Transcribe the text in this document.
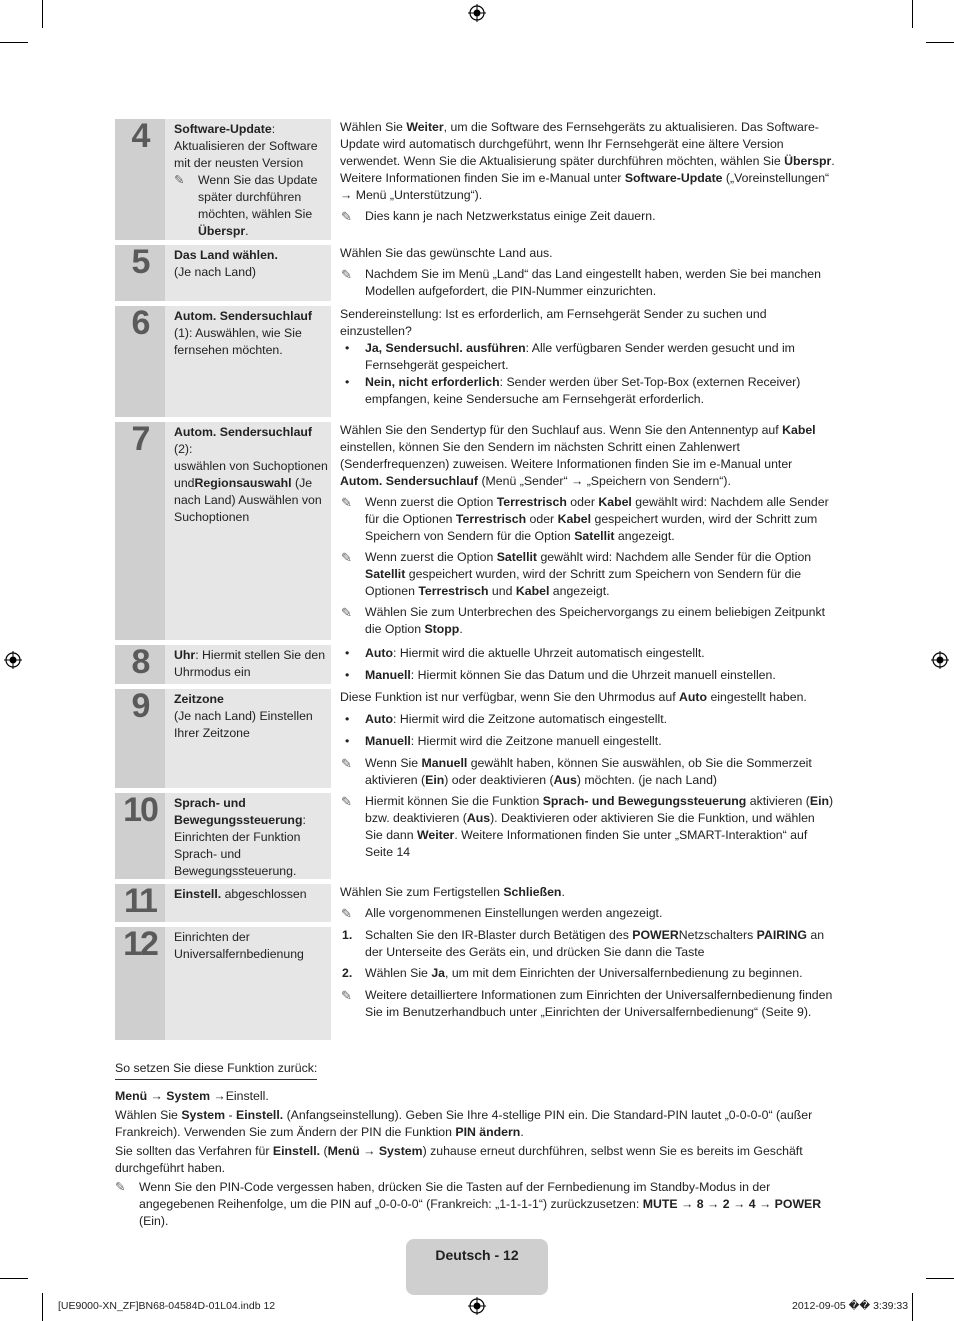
4	Software-Update:
Aktualisieren der Software mit der neusten Version
✎ Wenn Sie das Update später durchführen möchten, wählen Sie Überspr.

Wählen Sie Weiter, um die Software des Fernsehgeräts zu aktualisieren. Das Software-Update wird automatisch durchgeführt, wenn Ihr Fernsehgerät eine ältere Version verwendet. Wenn Sie die Aktualisierung später durchführen möchten, wählen Sie Überspr. Weitere Informationen finden Sie im e-Manual unter Software-Update („Voreinstellungen“ → Menü „Unterstützung“).

✎ Dies kann je nach Netzwerkstatus einige Zeit dauern.

5	Das Land wählen.
(Je nach Land)

Wählen Sie das gewünschte Land aus.

✎ Nachdem Sie im Menü „Land“ das Land eingestellt haben, werden Sie bei manchen Modellen aufgefordert, die PIN-Nummer einzurichten.

6	Autom. Sendersuchlauf
(1): Auswählen, wie Sie fernsehen möchten.

Sendereinstellung: Ist es erforderlich, am Fernsehgerät Sender zu suchen und einzustellen?

• Ja, Sendersuchl. ausführen: Alle verfügbaren Sender werden gesucht und im Fernsehgerät gespeichert.

• Nein, nicht erforderlich: Sender werden über Set-Top-Box (externen Receiver) empfangen, keine Sendersuche am Fernsehgerät erforderlich.

7	Autom. Sendersuchlauf
(2):
uswählen von Suchoptionen undRegionsauswahl (Je nach Land) Auswählen von Suchoptionen

Wählen Sie den Sendertyp für den Suchlauf aus. Wenn Sie den Antennentyp auf Kabel einstellen, können Sie den Sendern im nächsten Schritt einen Zahlenwert (Senderfrequenzen) zuweisen. Weitere Informationen finden Sie im e-Manual unter Autom. Sendersuchlauf (Menü „Sender“ → „Speichern von Sendern“).

✎ Wenn zuerst die Option Terrestrisch oder Kabel gewählt wird: Nachdem alle Sender für die Optionen Terrestrisch oder Kabel gespeichert wurden, wird der Schritt zum Speichern von Sendern für die Option Satellit angezeigt.

✎ Wenn zuerst die Option Satellit gewählt wird: Nachdem alle Sender für die Option Satellit gespeichert wurden, wird der Schritt zum Speichern von Sendern für die Optionen Terrestrisch und Kabel angezeigt.

✎ Wählen Sie zum Unterbrechen des Speichervorgangs zu einem beliebigen Zeitpunkt die Option Stopp.

8	Uhr: Hiermit stellen Sie den Uhrmodus ein

• Auto: Hiermit wird die aktuelle Uhrzeit automatisch eingestellt.

• Manuell: Hiermit können Sie das Datum und die Uhrzeit manuell einstellen.

9	Zeitzone
(Je nach Land) Einstellen Ihrer Zeitzone

Diese Funktion ist nur verfügbar, wenn Sie den Uhrmodus auf Auto eingestellt haben.

• Auto: Hiermit wird die Zeitzone automatisch eingestellt.

• Manuell: Hiermit wird die Zeitzone manuell eingestellt.

✎ Wenn Sie Manuell gewählt haben, können Sie auswählen, ob Sie die Sommerzeit aktivieren (Ein) oder deaktivieren (Aus) möchten. (je nach Land)

10	Sprach- und Bewegungssteuerung:
Einrichten der Funktion Sprach- und Bewegungssteuerung.

✎ Hiermit können Sie die Funktion Sprach- und Bewegungssteuerung aktivieren (Ein) bzw. deaktivieren (Aus). Deaktivieren oder aktivieren Sie die Funktion, und wählen Sie dann Weiter. Weitere Informationen finden Sie unter „SMART-Interaktion“ auf Seite 14

11	Einstell. abgeschlossen	Wählen Sie zum Fertigstellen Schließen.

✎ Alle vorgenommenen Einstellungen werden angezeigt.

12	Einrichten der Universalfernbedienung

1. Schalten Sie den IR-Blaster durch Betätigen des POWERNetzschalters PAIRING an der Unterseite des Geräts ein, und drücken Sie dann die Taste

2. Wählen Sie Ja, um mit dem Einrichten der Universalfernbedienung zu beginnen.

✎ Weitere detailliertere Informationen zum Einrichten der Universalfernbedienung finden Sie im Benutzerhandbuch unter „Einrichten der Universalfernbedienung“ (Seite 9).

So setzen Sie diese Funktion zurück:

Menü → System →Einstell.

Wählen Sie System - Einstell. (Anfangseinstellung). Geben Sie Ihre 4-stellige PIN ein. Die Standard-PIN lautet „0-0-0-0“ (außer Frankreich). Verwenden Sie zum Ändern der PIN die Funktion PIN ändern.

Sie sollten das Verfahren für Einstell. (Menü → System) zuhause erneut durchführen, selbst wenn Sie es bereits im Geschäft durchgeführt haben.

✎ Wenn Sie den PIN-Code vergessen haben, drücken Sie die Tasten auf der Fernbedienung im Standby-Modus in der angegebenen Reihenfolge, um die PIN auf „0-0-0-0“ (Frankreich: „1-1-1-1“) zurückzusetzen: MUTE → 8 → 2 → 4 → POWER (Ein).

Deutsch - 12
[UE9000-XN_ZF]BN68-04584D-01L04.indb 12	2012-09-05 �� 3:39:33
